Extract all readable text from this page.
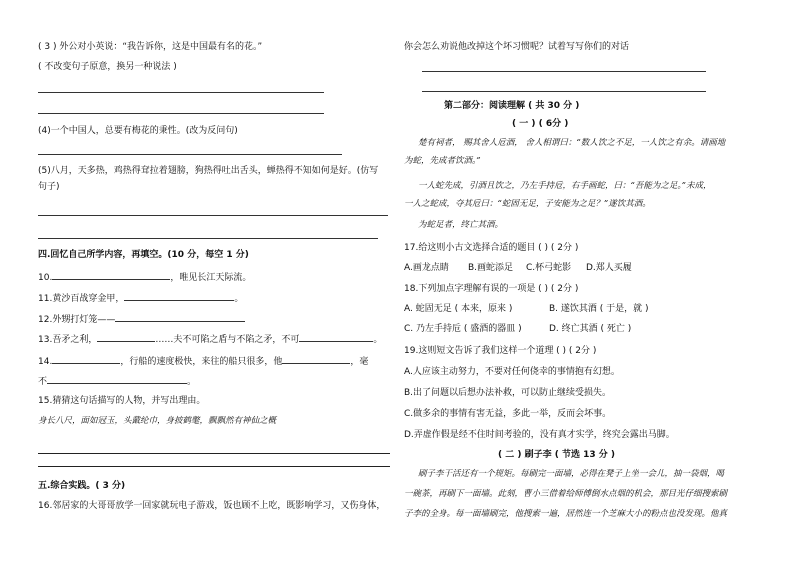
( 3 ) 外公对小英说：“我告诉你，这是中国最有名的花。”
( 不改变句子原意，换另一种说法 )
(4)一个中国人，总要有梅花的秉性。(改为反问句)
(5)八月，天多热，鸡热得耷拉着翅膀，狗热得吐出舌头，蝉热得不知如何是好。(仿写
句子)
四.回忆自己所学内容，再填空。(10 分，每空 1 分)
10.	，唯见长江天际流。
11.黄沙百战穿金甲，	。
12.外甥打灯笼——
13.吾矛之利，	……夫不可陷之盾与不陷之矛，不可	。
14.	，行船的速度极快，来往的船只很多，他	，毫
不	。
15.猜猜这句话描写的人物，并写出理由。
身长八尺，面如冠玉，头戴纶巾，身披鹤氅，飘飘然有神仙之概
五.综合实践。( 3 分)
16.邻居家的大哥哥放学一回家就玩电子游戏，饭也顾不上吃，既影响学习，又伤身体，
你会怎么劝说他改掉这个坏习惯呢？试着写写你们的对话
第二部分：阅读理解 ( 共 30 分 )
( 一 ) ( 6分 )
楚有祠者， 赐其舍人卮酒， 舍人相谓曰：“数人饮之不足，一人饮之有余。请画地
为蛇，先成者饮酒。”
一人蛇先成，引酒且饮之，乃左手持卮，右手画蛇，曰：“吾能为之足。”未成，
一人之蛇成，夺其卮曰：“蛇固无足，子安能为之足？”遂饮其酒。
为蛇足者，终亡其酒。
17.给这则小古文选择合适的题目 ( ) ( 2分 )
A.画龙点睛 B.画蛇添足 C.杯弓蛇影 D.郑人买履
18.下列加点字理解有误的一项是 ( ) ( 2分 )
A. 蛇固无足 ( 本来，原来 )	B. 遂饮其酒 ( 于是，就 )
C. 乃左手持卮 ( 盛酒的器皿 )	D. 终亡其酒 ( 死亡 )
19.这则短文告诉了我们这样一个道理 ( ) ( 2分 )
A.人应该主动努力，不要对任何侥幸的事情抱有幻想。
B.出了问题以后想办法补救，可以防止继续受损失。
C.做多余的事情有害无益，多此一举，反而会坏事。
D.弄虚作假是经不住时间考验的，没有真才实学，终究会露出马脚。
( 二 ) 刷子李 ( 节选 13 分 )
刷子李干活还有一个规矩。每刷完一面墙，必得在凳子上坐一会儿，抽一袋烟，喝
一碗茶，再刷下一面墙。此刻，曹小三借着给师傅倒水点烟的机会，那目光仔细搜索刷
子李的全身。每一面墙刷完，他搜索一遍，居然连一个芝麻大小的粉点也没发现。他真
